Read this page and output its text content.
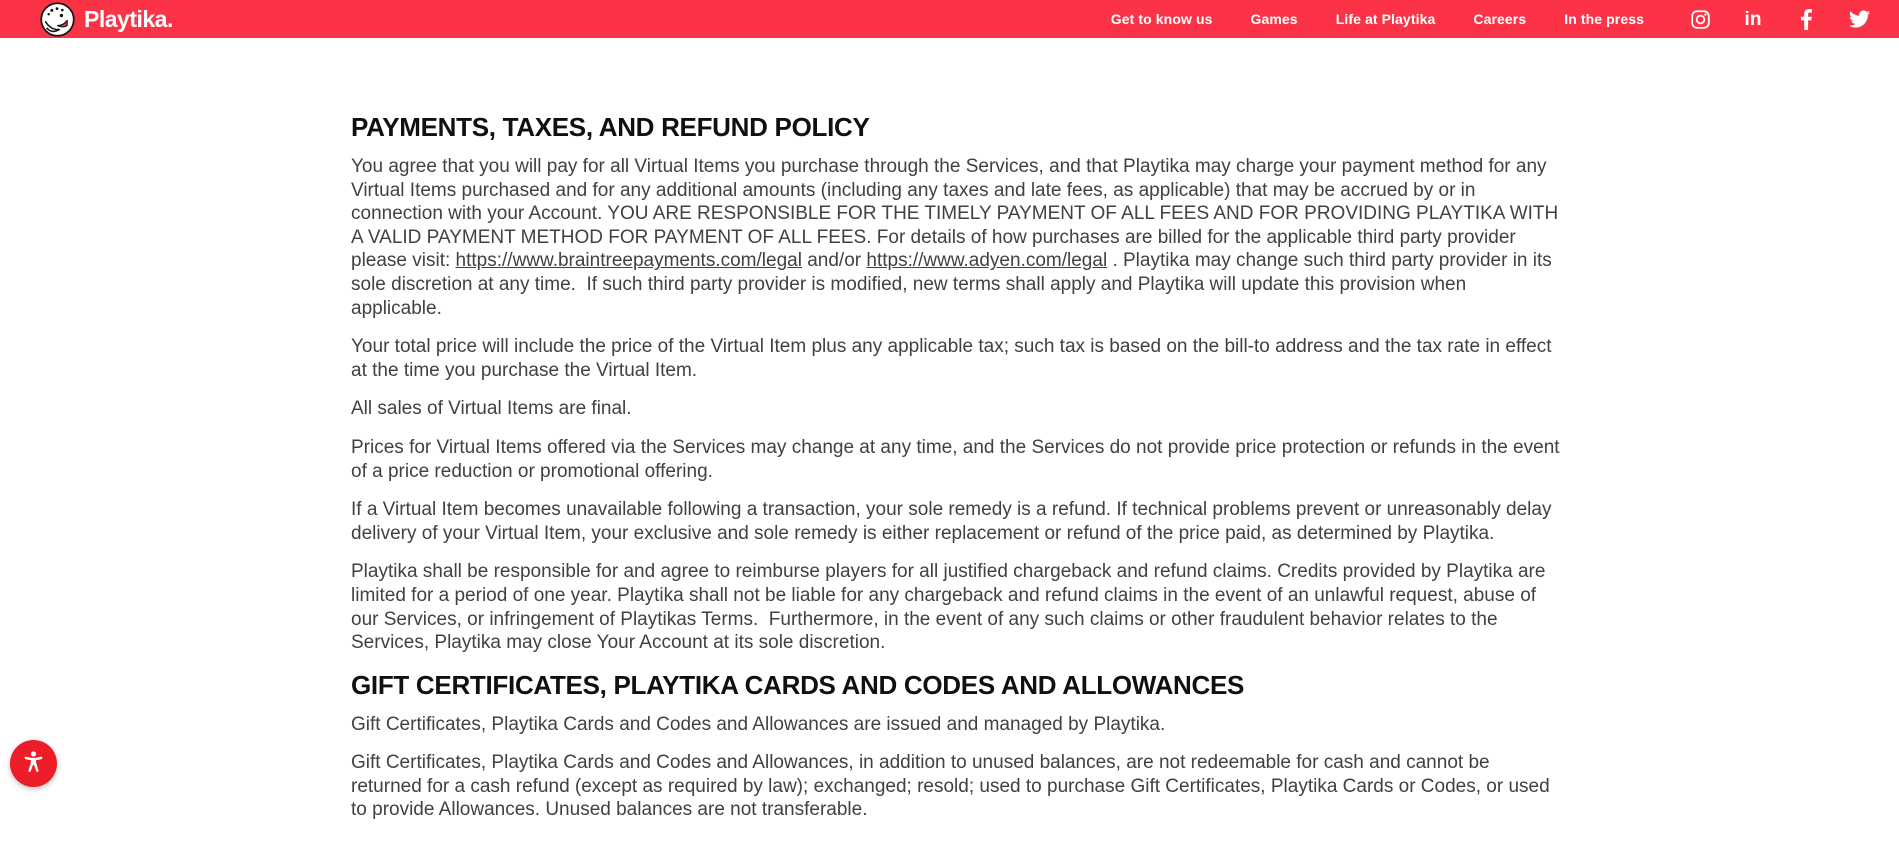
Playtika.	Get to know us	Games	Life at Playtika	Careers	In the press	in
PAYMENTS, TAXES, AND REFUND POLICY

You agree that you will pay for all Virtual Items you purchase through the Services, and that Playtika may charge your payment method for any Virtual Items purchased and for any additional amounts (including any taxes and late fees, as applicable) that may be accrued by or in connection with your Account. YOU ARE RESPONSIBLE FOR THE TIMELY PAYMENT OF ALL FEES AND FOR PROVIDING PLAYTIKA WITH A VALID PAYMENT METHOD FOR PAYMENT OF ALL FEES. For details of how purchases are billed for the applicable third party provider please visit: https://www.braintreepayments.com/legal and/or https://www.adyen.com/legal . Playtika may change such third party provider in its sole discretion at any time.  If such third party provider is modified, new terms shall apply and Playtika will update this provision when applicable.

Your total price will include the price of the Virtual Item plus any applicable tax; such tax is based on the bill-to address and the tax rate in effect at the time you purchase the Virtual Item.

All sales of Virtual Items are final.

Prices for Virtual Items offered via the Services may change at any time, and the Services do not provide price protection or refunds in the event of a price reduction or promotional offering.

If a Virtual Item becomes unavailable following a transaction, your sole remedy is a refund. If technical problems prevent or unreasonably delay delivery of your Virtual Item, your exclusive and sole remedy is either replacement or refund of the price paid, as determined by Playtika.

Playtika shall be responsible for and agree to reimburse players for all justified chargeback and refund claims. Credits provided by Playtika are limited for a period of one year. Playtika shall not be liable for any chargeback and refund claims in the event of an unlawful request, abuse of our Services, or infringement of Playtikas Terms.  Furthermore, in the event of any such claims or other fraudulent behavior relates to the Services, Playtika may close Your Account at its sole discretion.

GIFT CERTIFICATES, PLAYTIKA CARDS AND CODES AND ALLOWANCES

Gift Certificates, Playtika Cards and Codes and Allowances are issued and managed by Playtika.

Gift Certificates, Playtika Cards and Codes and Allowances, in addition to unused balances, are not redeemable for cash and cannot be returned for a cash refund (except as required by law); exchanged; resold; used to purchase Gift Certificates, Playtika Cards or Codes, or used to provide Allowances. Unused balances are not transferable.
